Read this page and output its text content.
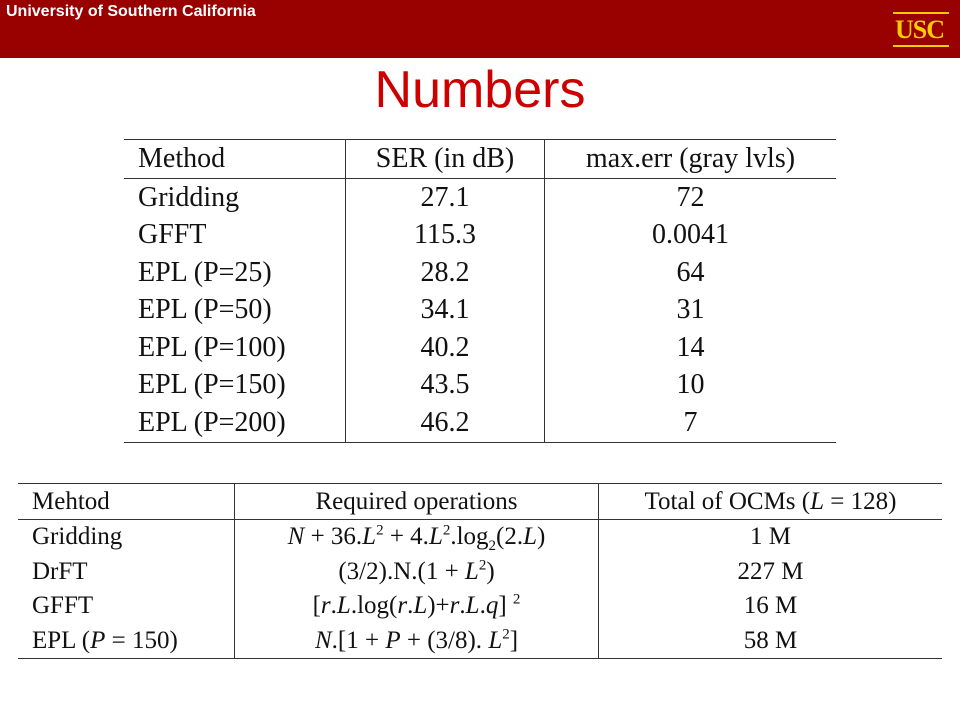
University of Southern California
USC
Numbers
Method	SER (in dB)	max.err (gray lvls)
Gridding	27.1	72
GFFT	115.3	0.0041
EPL (P=25)	28.2	64
EPL (P=50)	34.1	31
EPL (P=100)	40.2	14
EPL (P=150)	43.5	10
EPL (P=200)	46.2	7
Mehtod	Required operations	Total of OCMs (L = 128)
Gridding	$N + 36.L^2 + 4.L^2.\log_2(2.L)$	1 M
DrFT	$(3/2).N.(1 + L^2)$	227 M
GFFT	[r.L.log(r.L)+r.L.q] $^2$	16 M
EPL (P = 150)	N.[1 + P + (3/8). $L^2$]	58 M
